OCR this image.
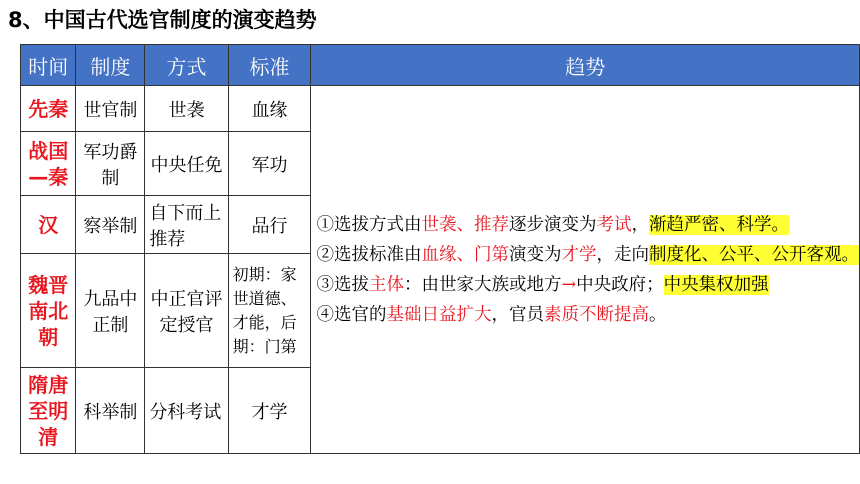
8、中国古代选官制度的演变趋势
时间	制度	方式	标准	趋势
先秦	世官制	世袭	血缘	①选拔方式由世袭、推荐逐步演变为考试，渐趋严密、科学。
②选拔标准由血缘、门第演变为才学，走向制度化、公平、公开客观。
③选拔主体：由世家大族或地方→中央政府；中央集权加强
④选官的基础日益扩大，官员素质不断提高。

战国—秦	军功爵制	中央任免	军功	
汉	察举制	自下而上推荐	品行	
魏晋南北朝	九品中正制	中正官评定授官	初期：家世道德、才能，后期：门第	
隋唐至明清	科举制	分科考试	才学	
